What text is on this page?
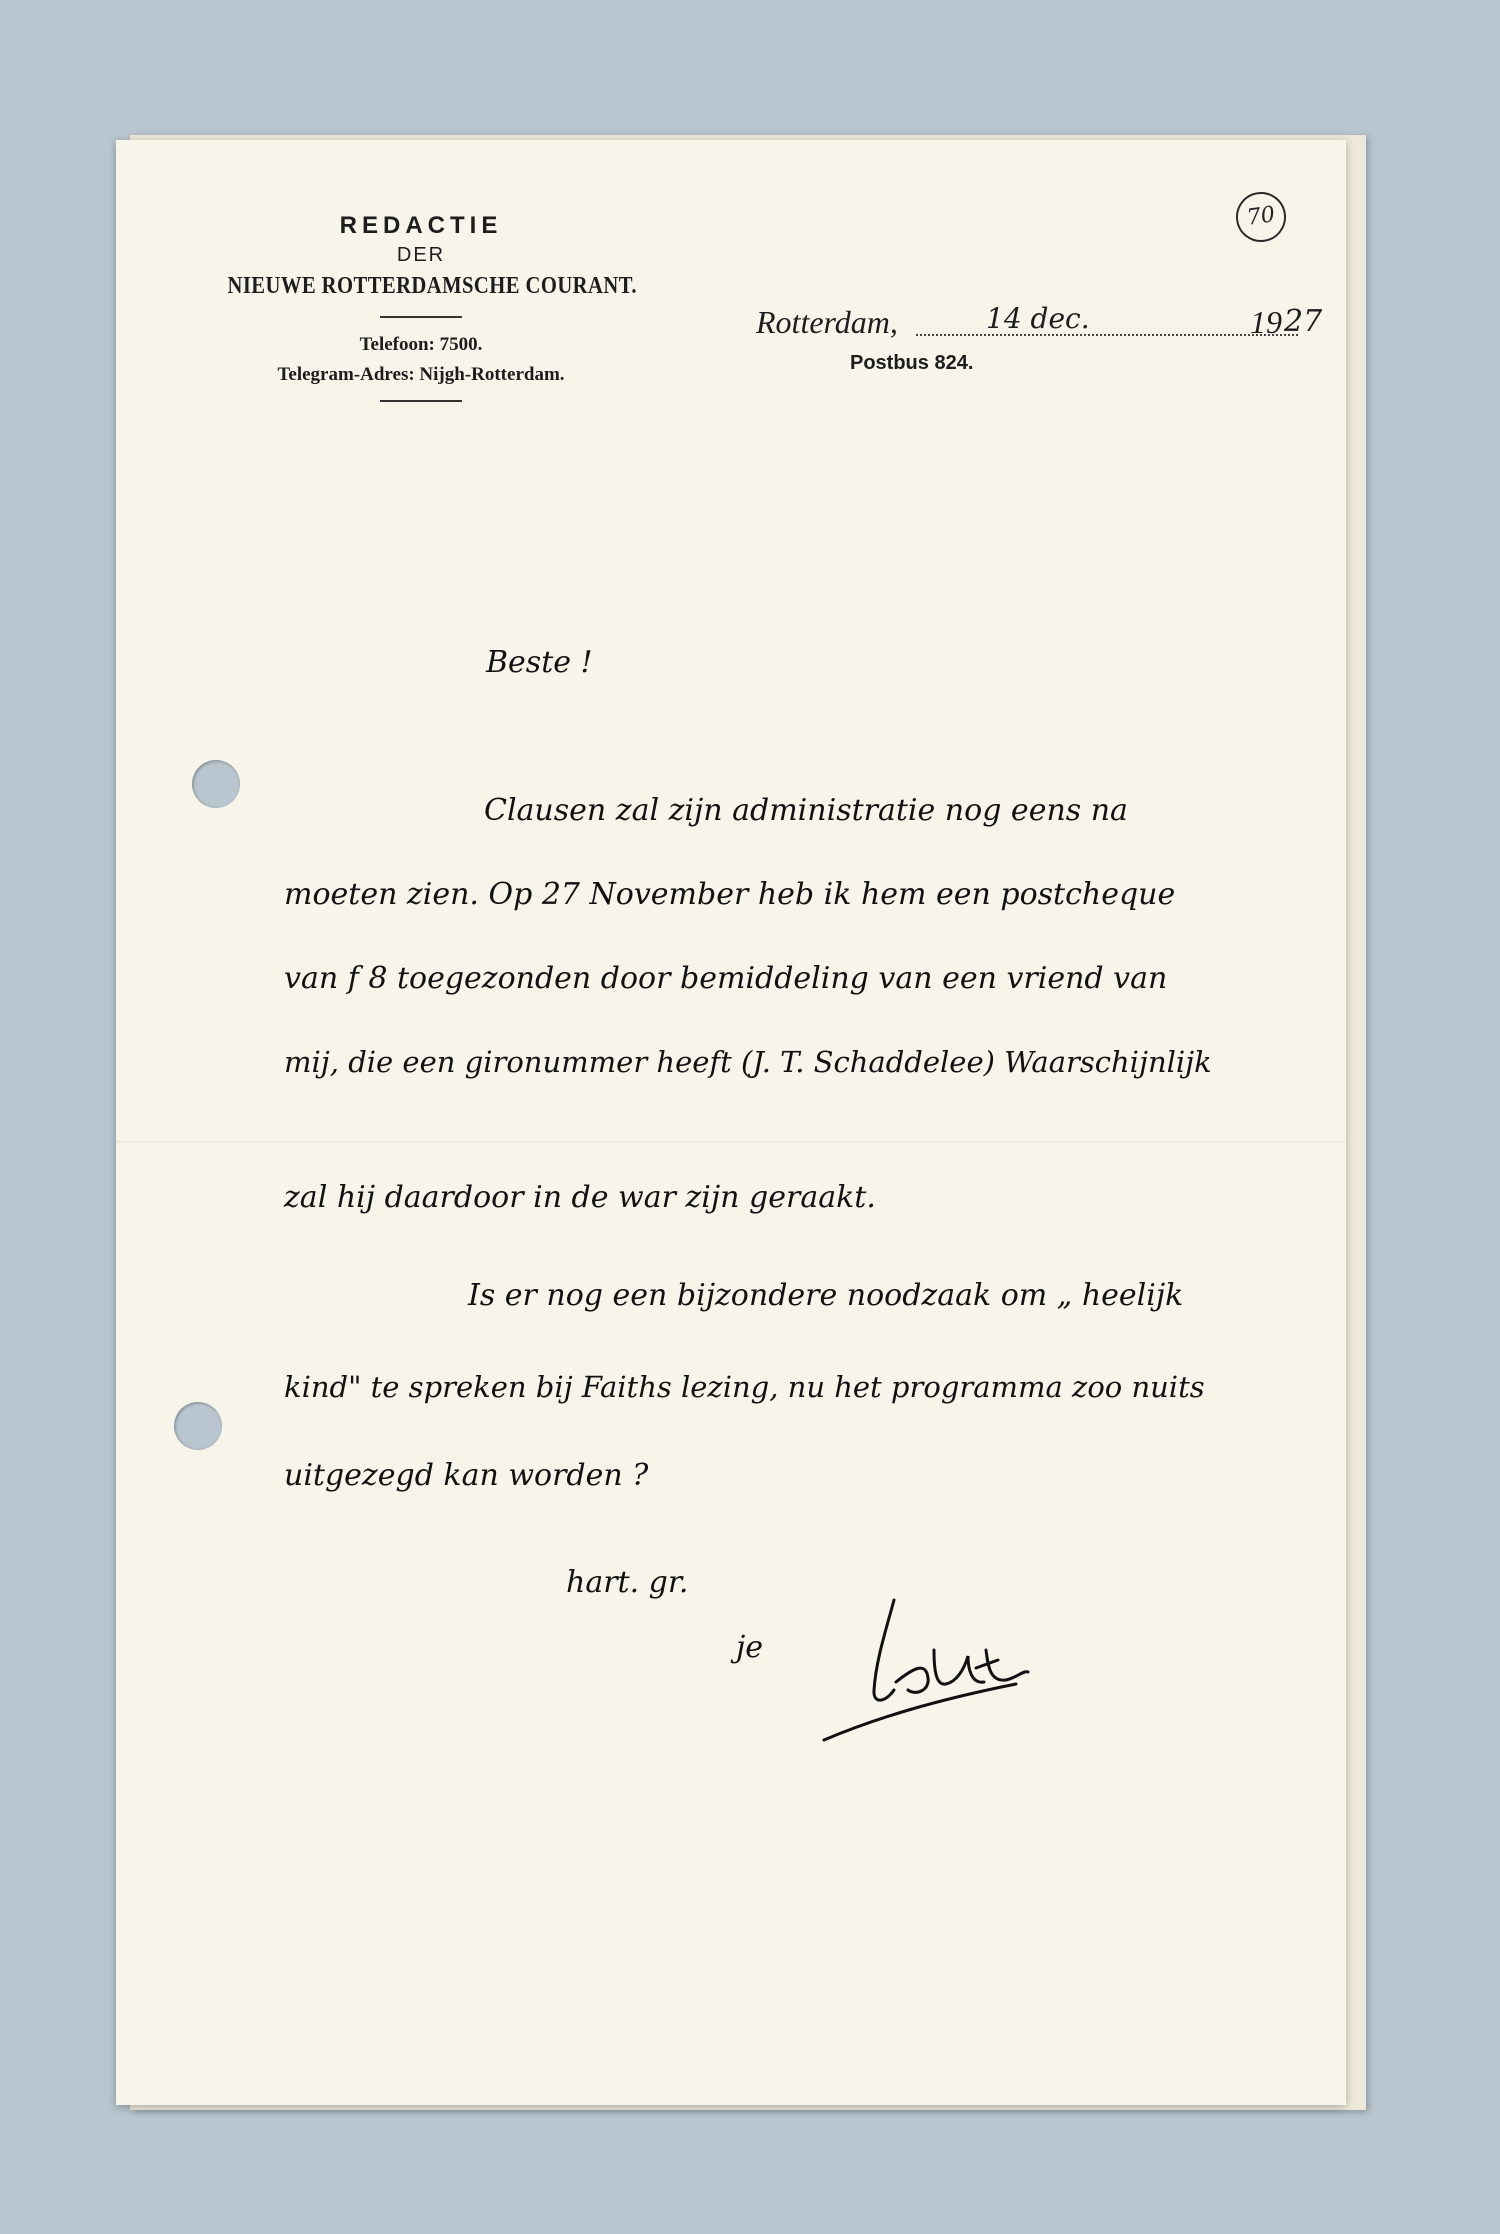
REDACTIE
DER
NIEUWE ROTTERDAMSCHE COURANT.
Telefoon: 7500.
Telegram-Adres: Nijgh-Rotterdam.
70
Rotterdam,	14 dec.	19 27
Postbus 824.
Beste !
Clausen zal zijn administratie nog eens na
moeten zien. Op 27 November heb ik hem een postcheque
van f 8 toegezonden door bemiddeling van een vriend van
mij, die een gironummer heeft (J. T. Schaddelee) Waarschijnlijk
zal hij daardoor in de war zijn geraakt.
Is er nog een bijzondere noodzaak om „ heelijk
kind" te spreken bij Faiths lezing, nu het programma zoo nuits
uitgezegd kan worden ?
hart. gr.
je
